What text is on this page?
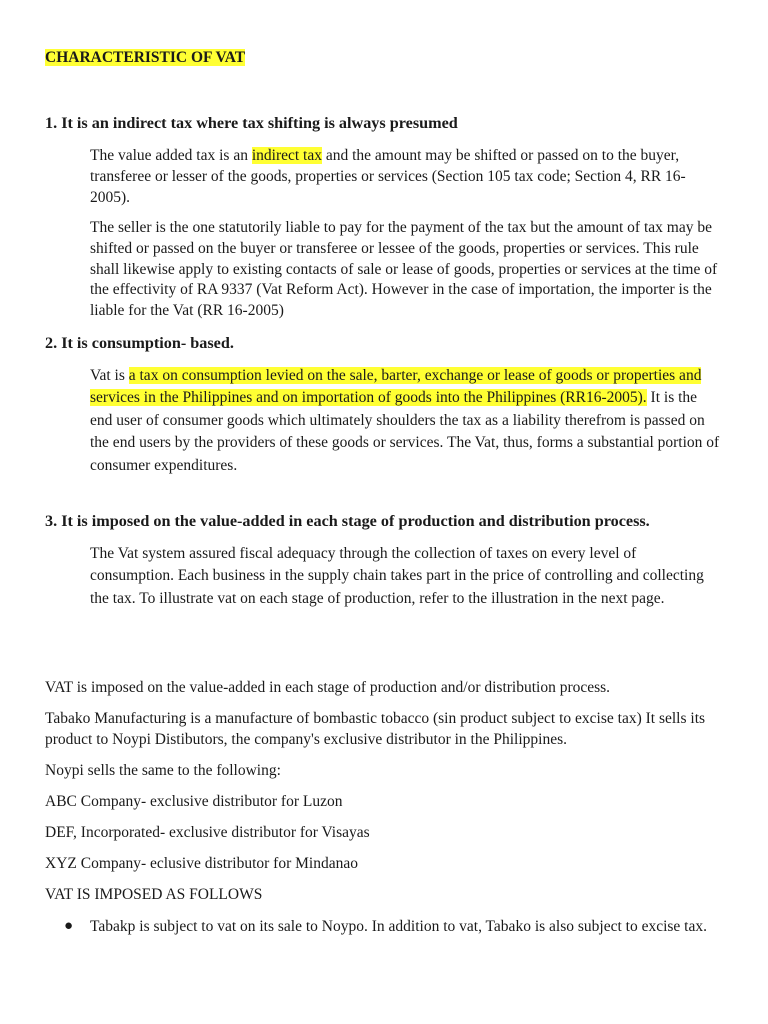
CHARACTERISTIC OF VAT
1. It is an indirect tax where tax shifting is always presumed

The value added tax is an indirect tax and the amount may be shifted or passed on to the buyer, transferee or lesser of the goods, properties or services (Section 105 tax code; Section 4, RR 16-2005).

The seller is the one statutorily liable to pay for the payment of the tax but the amount of tax may be shifted or passed on the buyer or transferee or lessee of the goods, properties or services. This rule shall likewise apply to existing contacts of sale or lease of goods, properties or services at the time of the effectivity of RA 9337 (Vat Reform Act). However in the case of importation, the importer is the liable for the Vat (RR 16-2005)

2. It is consumption- based.

Vat is a tax on consumption levied on the sale, barter, exchange or lease of goods or properties and services in the Philippines and on importation of goods into the Philippines (RR16-2005). It is the end user of consumer goods which ultimately shoulders the tax as a liability therefrom is passed on the end users by the providers of these goods or services. The Vat, thus, forms a substantial portion of consumer expenditures.

3. It is imposed on the value-added in each stage of production and distribution process.

The Vat system assured fiscal adequacy through the collection of taxes on every level of consumption. Each business in the supply chain takes part in the price of controlling and collecting the tax. To illustrate vat on each stage of production, refer to the illustration in the next page.

VAT is imposed on the value-added in each stage of production and/or distribution process.

Tabako Manufacturing is a manufacture of bombastic tobacco (sin product subject to excise tax) It sells its product to Noypi Distibutors, the company's exclusive distributor in the Philippines.

Noypi sells the same to the following:

ABC Company- exclusive distributor for Luzon

DEF, Incorporated- exclusive distributor for Visayas

XYZ Company- eclusive distributor for Mindanao

VAT IS IMPOSED AS FOLLOWS

●	Tabakp is subject to vat on its sale to Noypo. In addition to vat, Tabako is also subject to excise tax.
